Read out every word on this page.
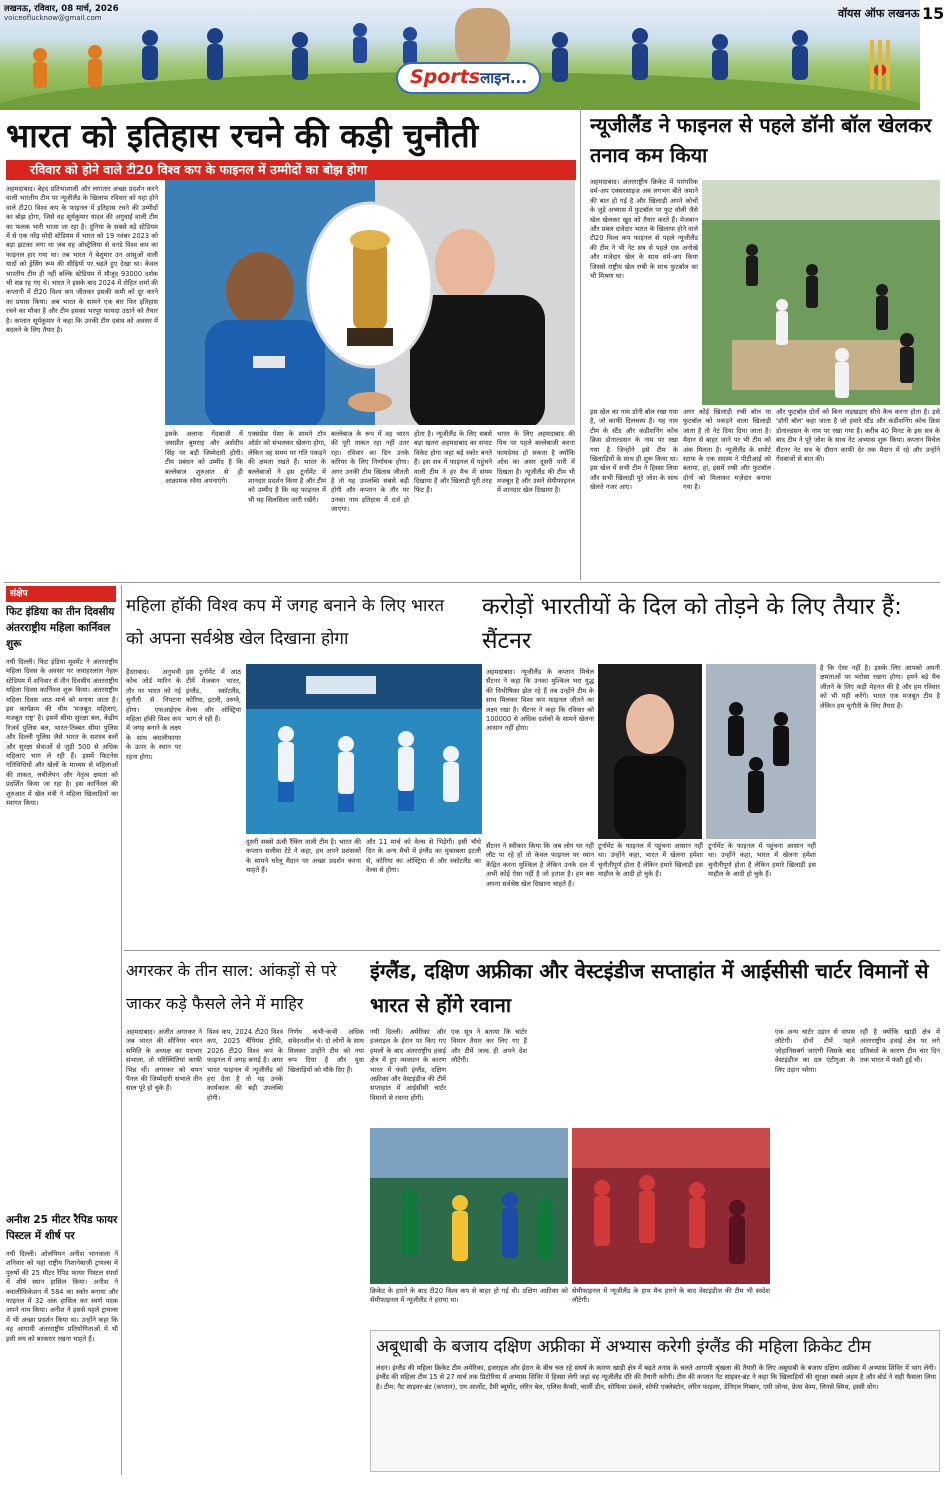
लखनऊ, रविवार, 08 मार्च, 2026
voiceoflucknow@gmail.com	वॉयस ऑफ लखनऊ 15
Sportsलाइन...
भारत को इतिहास रचने की कड़ी चुनौती
रविवार को होने वाले टी20 विश्व कप के फाइनल में उम्मीदों का बोझ होगा
अहमदाबाद। बेहद प्रतिभाशाली और लगातार अच्छा प्रदर्शन करने वाली भारतीय टीम पर न्यूजीलैंड के खिलाफ रविवार को यहां होने वाले टी20 विश्व कप के फाइनल में इतिहास रचने की उम्मीदों का बोझ होगा, जिसे वह सूर्यकुमार यादव की अगुवाई वाली टीम का फलक भारी भाजा जा रहा है। दुनिया के सबसे बड़े स्टेडियम में से एक नरेंद्र मोदी स्टेडियम में भारत को 19 नवंबर 2023 को बड़ा झटका लगा था जब वह ऑस्ट्रेलिया से वनडे विश्व कप का फाइनल हार गया था। तब भारत ने बेशुमार उन आंसुओं वाली यादों को ड्रेसिंग रूम की सीढ़ियों पर चढ़ते हुए देखा था। केवल भारतीय टीम ही नहीं बल्कि स्टेडियम में मौजूद 93000 दर्शक भी सन्न रह गए थे। भारत ने इसके बाद 2024 में रोहित शर्मा की कप्तानी में टी20 विश्व कप जीतकर इसकी कमी को दूर करने का प्रयास किया। अब भारत के सामने एक बार फिर इतिहास रचने का मौका है और टीम इसका भरपूर फायदा उठाने को तैयार है। कप्तान सूर्यकुमार ने कहा कि उनकी टीम दबाव को अवसर में बदलने के लिए तैयार है।
इसके अलावा गेंदबाजी में जसप्रीत बुमराह और अर्शदीप सिंह पर बड़ी जिम्मेदारी होगी। टीम प्रबंधन को उम्मीद है कि बल्लेबाज शुरुआत से ही आक्रामक रवैया अपनाएंगे।
एक्सप्रेस पेसर के सामने टॉप ऑर्डर को संभलकर खेलना होगा, लेकिन वह समय पर गति पकड़ने की क्षमता रखते हैं। भारत के बल्लेबाजों ने इस टूर्नामेंट में शानदार प्रदर्शन किया है और टीम को उम्मीद है कि वह फाइनल में भी यह सिलसिला जारी रखेंगे।
बल्लेबाज के रूप में वह भारत की पूरी ताकत रहा नहीं उतर रहा। रविवार का दिन उनके करियर के लिए निर्णायक होगा। अगर उनकी टीम खिताब जीतती है तो यह उपलब्धि सबसे बड़ी होगी और कप्तान के तौर पर उनका नाम इतिहास में दर्ज हो जाएगा।
होता है। न्यूजीलैंड के लिए सबसे बड़ा खतरा अहमदाबाद का सपाट विकेट होगा जहां बड़े स्कोर बनते हैं। इस सत्र में फाइनल में पहुंचने वाली टीम ने हर मैच में संयम दिखाया है और खिलाड़ी पूरी तरह फिट हैं।
भारत के लिए अहमदाबाद की पिच पर पहले बल्लेबाजी करना फायदेमंद हो सकता है क्योंकि ओस का असर दूसरी पारी में दिखता है। न्यूजीलैंड की टीम भी मजबूत है और उसने सेमीफाइनल में शानदार खेल दिखाया है।
न्यूजीलैंड ने फाइनल से पहले डॉनी बॉल खेलकर तनाव कम किया
अहमदाबाद। अंतरराष्ट्रीय क्रिकेट में पारंपरिक वर्म-अप एक्सरसाइज अब लगभग बीते जमाने की बात हो गई है और खिलाड़ी अपने कोचों के जुड़े अभ्यास में फुटबॉल पर फुट वॉली जैसे खेल खेलकर खुद को तैयार करते हैं। मेजबान और प्रबल दावेदार भारत के खिलाफ होने वाले टी20 विश्व कप फाइनल से पहले न्यूजीलैंड की टीम ने भी नेट सत्र से पहले एक अनोखे और मजेदार खेल के साथ वर्म-अप किया जिससे राष्ट्रीय खेल रग्बी के साथ फुटबॉल का भी मिश्रण था।
इस खेल का नाम डॉनी बॉल रखा गया है, जो काफी दिलचस्प है। यह नाम टीम के स्टैंड और कंडीशनिंग कोच क्रिस डोनाल्डसन के नाम पर रखा गया है जिन्होंने इसे टीम के खिलाड़ियों के साथ ही शुरू किया था। इस खेल में सभी टीम ने हिस्सा लिया और सभी खिलाड़ी पूरे जोश के साथ खेलते नजर आए।
अगर कोई खिलाड़ी रग्बी बॉल या फुटबॉल को पकड़ने वाला खिलाड़ी जाता है तो नेट दिया दिया जाता है। मैदान से बाहर जाने पर भी टीम को अंक मिलता है। न्यूजीलैंड के सपोर्ट स्टाफ के एक सदस्य ने पीटीआई को बताया, हां, इसमें रग्बी और फुटबॉल दोनों को मिलाकर मज़ेदार बनाया गया है।
और फुटबॉल दोनों को बिना लड़खड़ाए सीधे कैच करना होता है। इसे 'डॉनी बॉल' कहा जाता है जो हमारे स्टैंड और कंडीशनिंग कोच क्रिस डोनाल्डसन के नाम पर रखा गया है। करीब 40 मिनट के इस सत्र के बाद टीम ने पूरे जोश के साथ नेट अभ्यास शुरू किया। कप्तान मिचेल सैंटनर नेट सत्र के दौरान काफी देर तक मैदान में रहे और उन्होंने गेंदबाजों से बात की।
संक्षेप
फिट इंडिया का तीन दिवसीय अंतरराष्ट्रीय महिला कार्निवल शुरू
नयी दिल्ली। फिट इंडिया मूवमेंट ने अंतरराष्ट्रीय महिला दिवस के अवसर पर जवाहरलाल नेहरू स्टेडियम में शनिवार से तीन दिवसीय अंतरराष्ट्रीय महिला दिवस कार्निवल शुरू किया। अंतरराष्ट्रीय महिला दिवस आठ मार्च को मनाया जाता है। इस कार्यक्रम की थीम 'मजबूत महिलाएं, मजबूत राष्ट्र' है। इसमें सीमा सुरक्षा बल, केंद्रीय रिजर्व पुलिस बल, भारत-तिब्बत सीमा पुलिस और दिल्ली पुलिस जैसे भारत के सशस्त्र बलों और सुरक्षा सेवाओं से जुड़ी 500 से अधिक महिलाएं भाग ले रही हैं। इसमें फिटनेस गतिविधियों और खेलों के माध्यम से महिलाओं की ताकत, लचीलेपन और नेतृत्व क्षमता को प्रदर्शित किया जा रहा है। इस कार्निवल की शुरुआत में खेल मंत्री ने महिला खिलाड़ियों का स्वागत किया।
अनीश 25 मीटर रैपिड फायर पिस्टल में शीर्ष पर
नयी दिल्ली। ओलंपियन अनीश भानवाला ने शनिवार को यहां राष्ट्रीय निशानेबाजी ट्रायल्स में पुरुषों की 25 मीटर रैपिड फायर पिस्टल स्पर्धा में शीर्ष स्थान हासिल किया। अनीश ने क्वालीफिकेशन में 584 का स्कोर बनाया और फाइनल में 32 अंक हासिल कर स्वर्ण पदक अपने नाम किया। अनीश ने इससे पहले ट्रायल्स में भी अच्छा प्रदर्शन किया था। उन्होंने कहा कि वह आगामी अंतरराष्ट्रीय प्रतियोगिताओं में भी इसी लय को बरकरार रखना चाहते हैं।
महिला हॉकी विश्व कप में जगह बनाने के लिए भारत को अपना सर्वश्रेष्ठ खेल दिखाना होगा
हैदराबाद। अनुभवी कोच जोर्ड मारिन के तौर पर भारत को नई चुनौती से निपटना होगा। एफआईएच महिला हॉकी विश्व कप में जगह बनाने के लक्ष्य के साथ क्वालीफायर के ऊपर के स्थान पर रहना होगा।
इस टूर्नामेंट में आठ टीमें मेजबान भारत, इंग्लैंड, स्कॉटलैंड, कोरिया, इटली, उरुग्वे, वेल्स और ऑस्ट्रिया भाग ले रही हैं।
दूसरी सबसे ऊंची रैंकिंग वाली टीम है। भारत की कप्तान सलीमा टेटे ने कहा, हम अपने प्रशंसकों के सामने घरेलू मैदान पर अच्छा प्रदर्शन करना चाहते हैं।
और 11 मार्च को वेल्स से भिड़ेगी। इसी चौथे दिन के अन्य मैचों में इंग्लैंड का मुकाबला इटली से, कोरिया का ऑस्ट्रिया से और स्कॉटलैंड का वेल्स से होगा।
करोड़ों भारतीयों के दिल को तोड़ने के लिए तैयार हैं: सैंटनर
अहमदाबाद। न्यूजीलैंड के कप्तान मिचेल सैंटनर ने कहा कि उनका मुश्किल भरा युद्ध की विभीषिका झेल रहे हैं तब उन्होंने टीम के साथ मिलकर विश्व कप फाइनल जीतने का लक्ष्य रखा है। सैंटनर ने कहा कि रविवार को 100000 से अधिक दर्शकों के सामने खेलना आसान नहीं होगा।
सैंटनर ने स्वीकार किया कि जब लोग घर नहीं लौट पा रहे हों तो केवल फाइनल पर ध्यान केंद्रित करना मुश्किल है लेकिन उनके दल में अभी कोई ऐसा नहीं है जो हताश है। हम बस अपना सर्वश्रेष्ठ खेल दिखाना चाहते हैं।
टूर्नामेंट के फाइनल में पहुंचना आसान नहीं था। उन्होंने कहा, भारत में खेलना हमेशा चुनौतीपूर्ण होता है लेकिन हमारे खिलाड़ी इस माहौल के आदी हो चुके हैं।
टूर्नामेंट के फाइनल में पहुंचना आसान नहीं था। उन्होंने कहा, भारत में खेलना हमेशा चुनौतीपूर्ण होता है लेकिन हमारे खिलाड़ी इस माहौल के आदी हो चुके हैं।
है कि ऐसा नहीं है। इसके लिए आपको अपनी क्षमताओं पर भरोसा रखना होगा। हमने बड़े मैच जीतने के लिए कड़ी मेहनत की है और हम रविवार को भी यही करेंगे। भारत एक मजबूत टीम है लेकिन हम चुनौती के लिए तैयार हैं।
अगरकर के तीन साल: आंकड़ों से परे जाकर कड़े फैसले लेने में माहिर
अहमदाबाद। अजीत अगरकर ने जब भारत की सीनियर चयन समिति के अध्यक्ष का पदभार संभाला, तो परिस्थितियां काफी भिन्न थीं। अगरकर को चयन पैनल की जिम्मेदारी संभाले तीन साल पूरे हो चुके हैं।
विश्व कप, 2024 टी20 विश्व कप, 2025 चैंपियंस ट्रॉफी, 2026 टी20 विश्व कप के फाइनल में जगह बनाई है। अगर भारत फाइनल में न्यूजीलैंड को हरा देता है तो यह उनके कार्यकाल की बड़ी उपलब्धि होगी।
निर्णय कभी-कभी अधिक संवेदनशील थे। दो लोगों के साथ मिलकर उन्होंने टीम को नया रूप दिया है और युवा खिलाड़ियों को मौके दिए हैं।
इंग्लैंड, दक्षिण अफ्रीका और वेस्टइंडीज सप्ताहांत में आईसीसी चार्टर विमानों से भारत से होंगे रवाना
नयी दिल्ली। अमेरिका और इजराइल के ईरान पर किए गए हमलों के बाद अंतरराष्ट्रीय हवाई क्षेत्र में हुए व्यवधान के कारण भारत में फंसी इंग्लैंड, दक्षिण अफ्रीका और वेस्टइंडीज की टीमें सप्ताहांत में आईसीसी चार्टर विमानों से रवाना होंगी।
एक सूत्र ने बताया कि चार्टर विमान तैयार कर लिए गए हैं और टीमें जल्द ही अपने देश लौटेंगी।
एक अन्य चार्टर उड़ान से वापस लौटेगी। दोनों टीमें पहले जोहानिसबर्ग जाएंगी जिसके बाद वेस्टइंडीज का दल एंटीगुआ के लिए उड़ान भरेगा।
रही है क्योंकि खाड़ी क्षेत्र में अंतरराष्ट्रीय हवाई क्षेत्र पर लगे प्रतिबंधों के कारण टीम चार दिन तक भारत में फंसी हुई थी।
क्रिकेट के हारने के बाद टी20 विश्व कप से बाहर हो गई थी। दक्षिण अफ्रीका को सेमीफाइनल में न्यूजीलैंड ने हराया था।
सेमीफाइनल में न्यूजीलैंड के हाथ मैच हारने के बाद वेस्टइंडीज की टीम भी स्वदेश लौटेगी।
अबूधाबी के बजाय दक्षिण अफ्रीका में अभ्यास करेगी इंग्लैंड की महिला क्रिकेट टीम
लंदन। इंग्लैंड की महिला क्रिकेट टीम अमेरिका, इजराइल और ईरान के बीच चल रहे संघर्ष के कारण खाड़ी क्षेत्र में बढ़ते तनाव के चलते आगामी श्रृंखला की तैयारी के लिए अबूधाबी के बजाय दक्षिण अफ्रीका में अभ्यास शिविर में भाग लेगी। इंग्लैंड की महिला टीम 15 से 27 मार्च तक प्रिटोरिया में अभ्यास शिविर में हिस्सा लेगी जहां वह न्यूजीलैंड दौरे की तैयारी करेगी। टीम की कप्तान नैट साइवर-ब्रंट ने कहा कि खिलाड़ियों की सुरक्षा सबसे अहम है और बोर्ड ने सही फैसला लिया है। टीम: नैट साइवर-ब्रंट (कप्तान), एम आर्लोट, टैमी ब्यूमोंट, लॉरेन बेल, एलिस कैप्सी, चार्ली डीन, सोफिया डंकले, सोफी एक्लेस्टोन, लॉरेन फाइलर, डेनिएल गिब्सन, एमी जोन्स, फ्रेया केम्प, लिनसे स्मिथ, इस्सी वोंग।
